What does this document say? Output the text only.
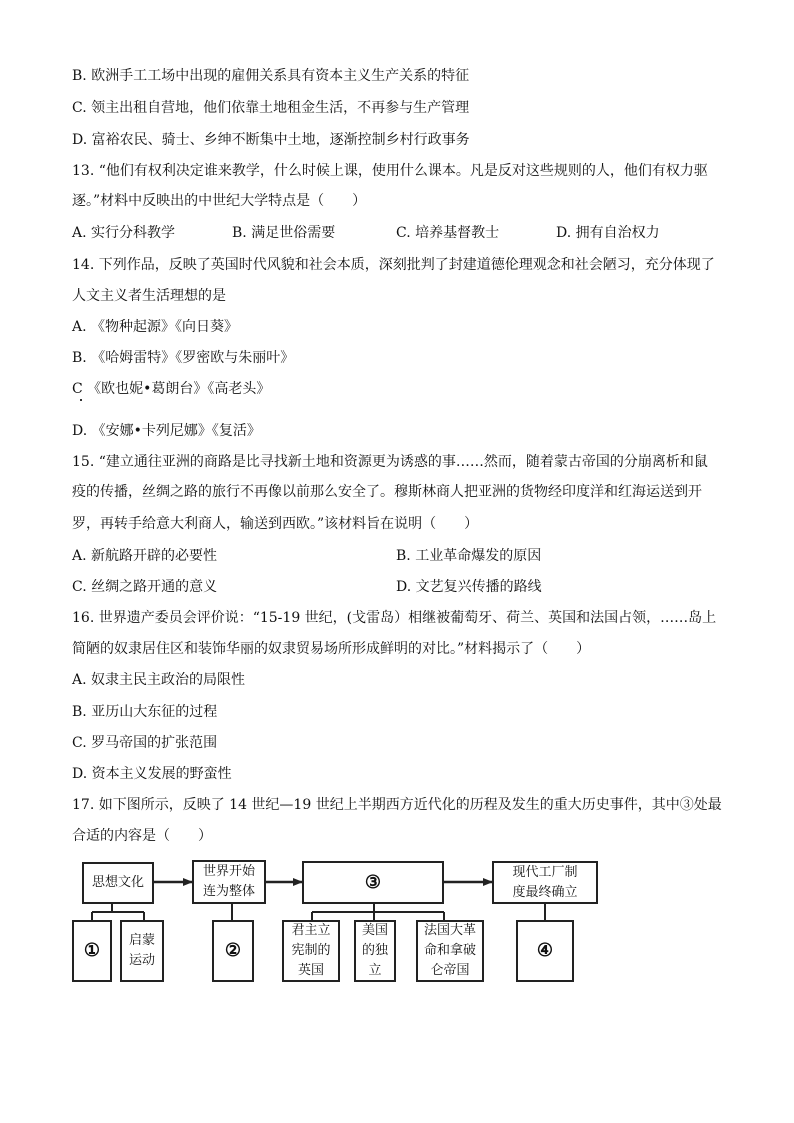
B. 欧洲手工工场中出现的雇佣关系具有资本主义生产关系的特征
C. 领主出租自营地，他们依靠土地租金生活，不再参与生产管理
D. 富裕农民、骑士、乡绅不断集中土地，逐渐控制乡村行政事务
13. “他们有权利决定谁来教学，什么时候上课，使用什么课本。凡是反对这些规则的人，他们有权力驱
逐。”材料中反映出的中世纪大学特点是（　　）
A. 实行分科教学	B. 满足世俗需要	C. 培养基督教士	D. 拥有自治权力
14. 下列作品，反映了英国时代风貌和社会本质，深刻批判了封建道德伦理观念和社会陋习，充分体现了
人文主义者生活理想的是
A. 《物种起源》《向日葵》
B. 《哈姆雷特》《罗密欧与朱丽叶》
C 《欧也妮•葛朗台》《高老头》
D. 《安娜•卡列尼娜》《复活》
15. “建立通往亚洲的商路是比寻找新土地和资源更为诱惑的事……然而，随着蒙古帝国的分崩离析和鼠
疫的传播，丝绸之路的旅行不再像以前那么安全了。穆斯林商人把亚洲的货物经印度洋和红海运送到开
罗，再转手给意大利商人，输送到西欧。”该材料旨在说明（　　）
A. 新航路开辟的必要性	B. 工业革命爆发的原因
C. 丝绸之路开通的意义	D. 文艺复兴传播的路线
16. 世界遗产委员会评价说：“15-19 世纪，(戈雷岛）相继被葡萄牙、荷兰、英国和法国占领，……岛上
简陋的奴隶居住区和装饰华丽的奴隶贸易场所形成鲜明的对比。”材料揭示了（　　）
A. 奴隶主民主政治的局限性
B. 亚历山大东征的过程
C. 罗马帝国的扩张范围
D. 资本主义发展的野蛮性
17. 如下图所示，反映了 14 世纪—19 世纪上半期西方近代化的历程及发生的重大历史事件，其中③处最
合适的内容是（　　）
思想文化
世界开始
连为整体	③	现代工厂制
度最终确立
① 启蒙
运动	②
君主立
宪制的
英国
美国
的独
立
法国大革
命和拿破
仑帝国
④
